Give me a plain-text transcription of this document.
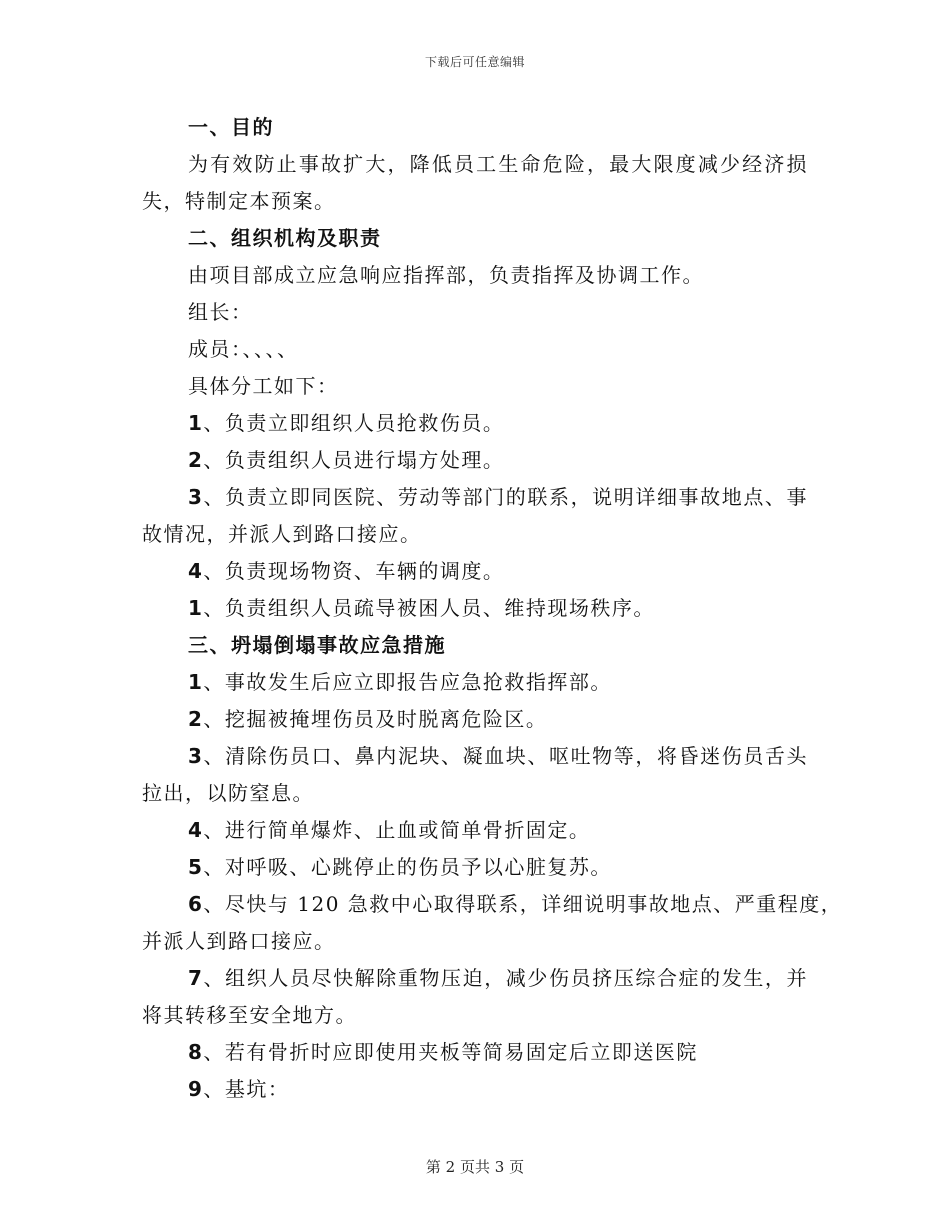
下载后可任意编辑
一、目的
为有效防止事故扩大，降低员工生命危险，最大限度减少经济损
失，特制定本预案。
二、组织机构及职责
由项目部成立应急响应指挥部，负责指挥及协调工作。
组长：
成员：、、、、
具体分工如下：
1、负责立即组织人员抢救伤员。
2、负责组织人员进行塌方处理。
3、负责立即同医院、劳动等部门的联系，说明详细事故地点、事
故情况，并派人到路口接应。
4、负责现场物资、车辆的调度。
1、负责组织人员疏导被困人员、维持现场秩序。
三、坍塌倒塌事故应急措施
1、事故发生后应立即报告应急抢救指挥部。
2、挖掘被掩埋伤员及时脱离危险区。
3、清除伤员口、鼻内泥块、凝血块、呕吐物等，将昏迷伤员舌头
拉出，以防窒息。
4、进行简单爆炸、止血或简单骨折固定。
5、对呼吸、心跳停止的伤员予以心脏复苏。
6、尽快与 120 急救中心取得联系，详细说明事故地点、严重程度，
并派人到路口接应。
7、组织人员尽快解除重物压迫，减少伤员挤压综合症的发生，并
将其转移至安全地方。
8、若有骨折时应即使用夹板等简易固定后立即送医院
9、基坑：
第 2 页共 3 页
